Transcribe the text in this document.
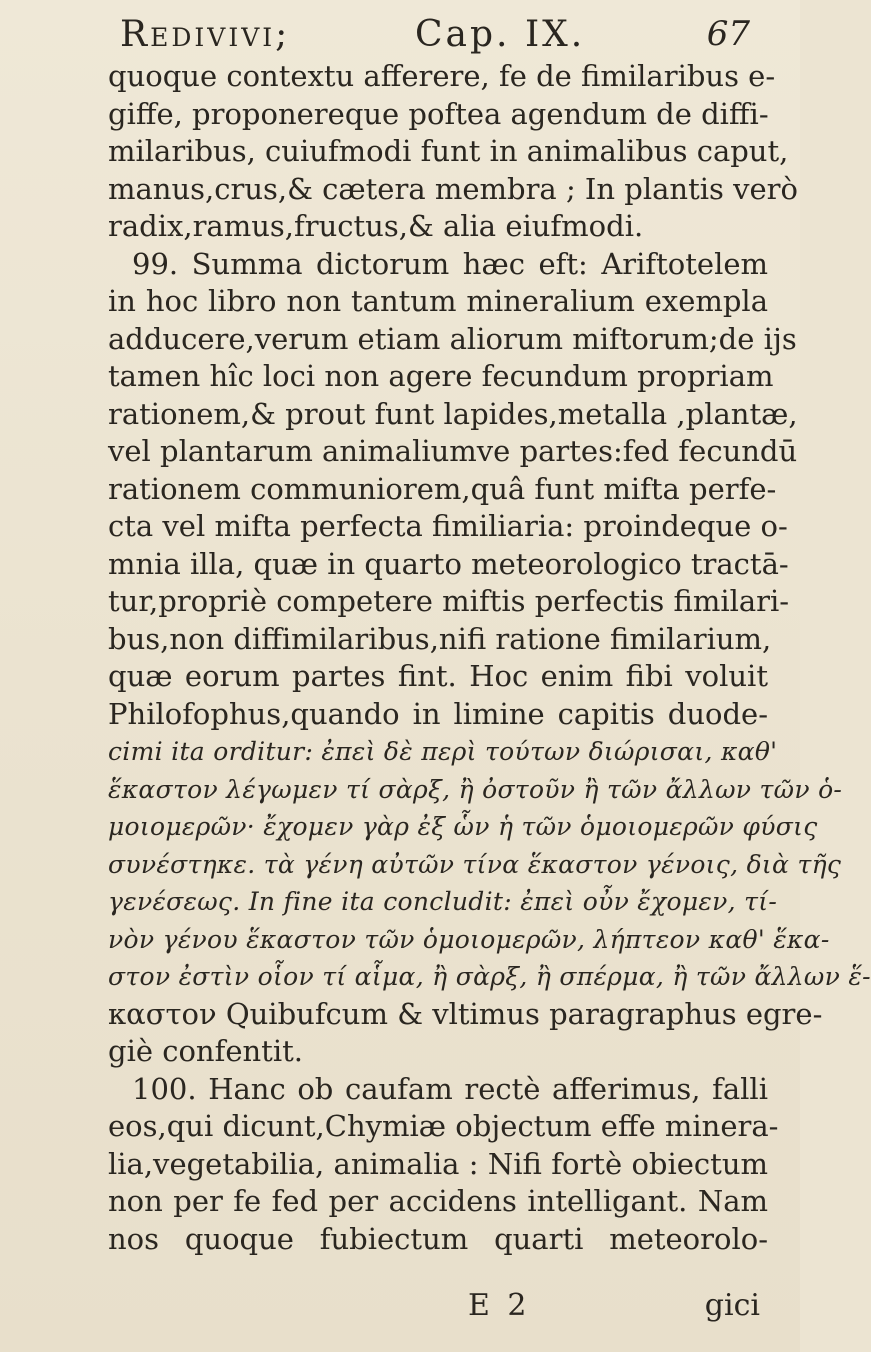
Redivivi;	Cap. IX.	67
quoque contextu afferere, fe de fimilaribus e-
giffe, proponereque poftea agendum de diffi-
milaribus, cuiufmodi funt in animalibus caput,
manus,crus,& cætera membra ; In plantis verò
radix,ramus,fructus,& alia eiufmodi.
99. Summa dictorum hæc eft: Ariftotelem
in hoc libro non tantum mineralium exempla
adducere,verum etiam aliorum miftorum;de ijs
tamen hîc loci non agere fecundum propriam
rationem,& prout funt lapides,metalla ,plantæ,
vel plantarum animaliumve partes:fed fecundū
rationem communiorem,quâ funt mifta perfe-
cta vel mifta perfecta fimiliaria: proindeque o-
mnia illa, quæ in quarto meteorologico tractā-
tur,propriè competere miftis perfectis fimilari-
bus,non diffimilaribus,nifi ratione fimilarium,
quæ eorum partes fint. Hoc enim fibi voluit
Philofophus,quando in limine capitis duode-
cimi ita orditur: ἐπεὶ δὲ περὶ τούτων διώρισαι, καθ'
ἕκαστον λέγωμεν τί σὰρξ, ἢ ὀστοῦν ἢ τῶν ἄλλων τῶν ὁ-
μοιομερῶν· ἔχομεν γὰρ ἐξ ὧν ἡ τῶν ὁμοιομερῶν φύσις
συνέστηκε. τὰ γένη αὐτῶν τίνα ἕκαστον γένοις, διὰ τῆς
γενέσεως. In fine ita concludit: ἐπεὶ οὖν ἔχομεν, τί-
νὸν γένου ἕκαστον τῶν ὁμοιομερῶν, λήπτεον καθ' ἕκα-
στον ἐστὶν οἷον τί αἷμα, ἢ σὰρξ, ἢ σπέρμα, ἢ τῶν ἄλλων ἕ-
καστον Quibufcum & vltimus paragraphus egre-
giè confentit.
100. Hanc ob caufam rectè afferimus, falli
eos,qui dicunt,Chymiæ objectum effe minera-
lia,vegetabilia, animalia : Nifi fortè obiectum
non per fe fed per accidens intelligant. Nam
nos quoque fubiectum quarti meteorolo-
E 2	gici
